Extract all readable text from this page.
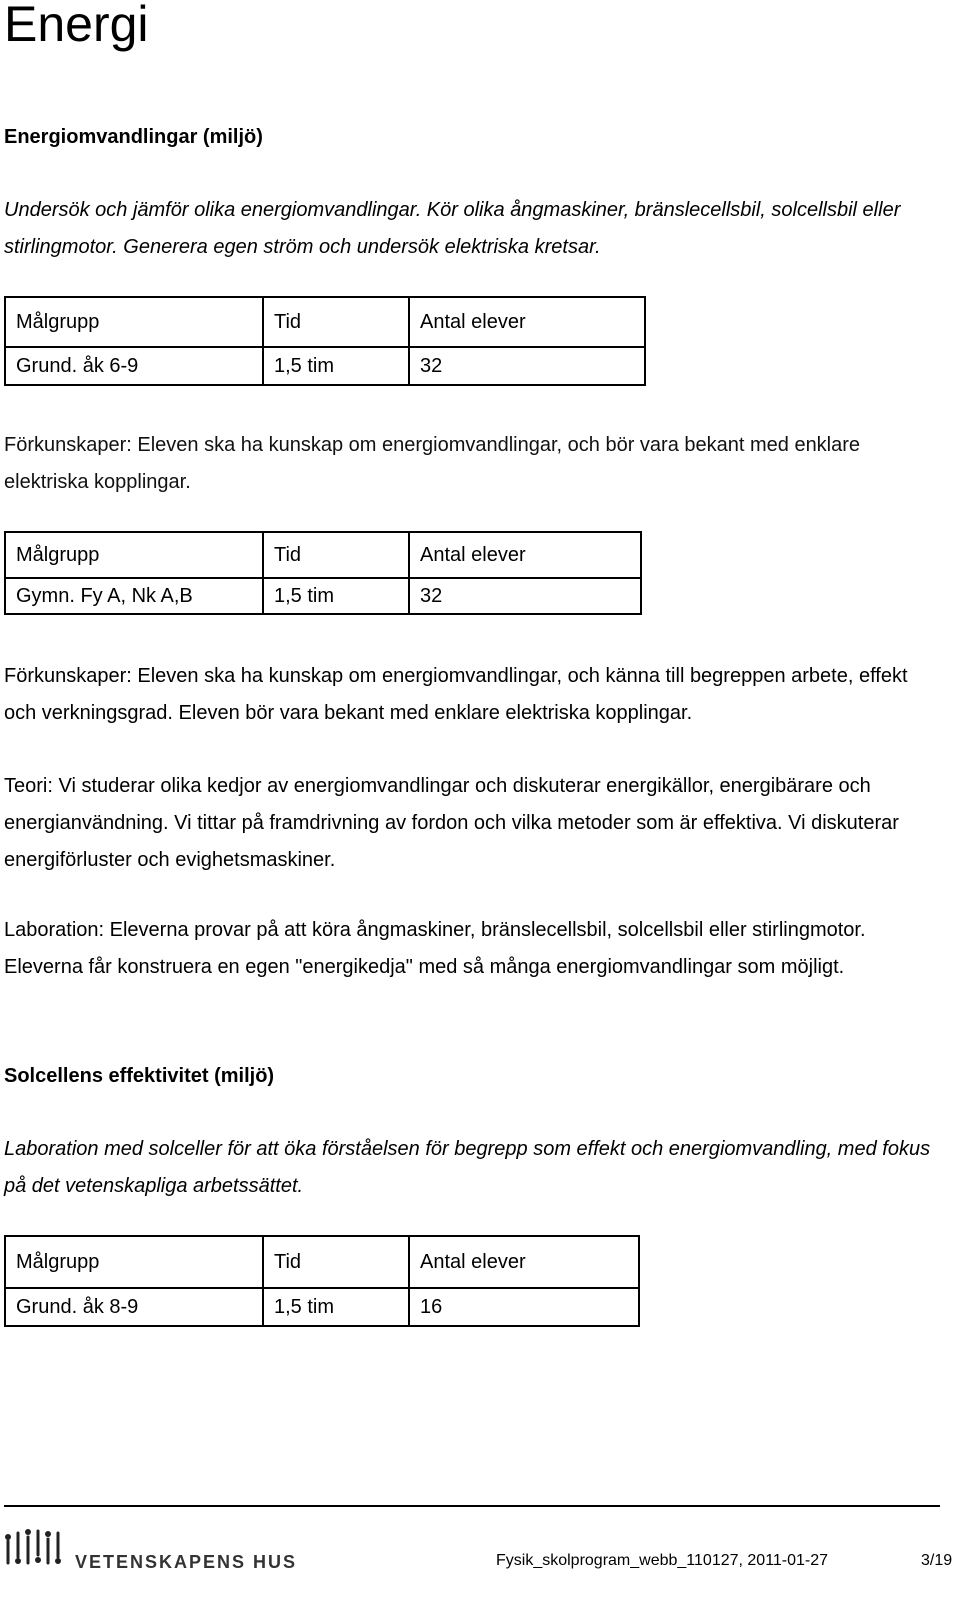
Energi
Energiomvandlingar (miljö)
Undersök och jämför olika energiomvandlingar. Kör olika ångmaskiner, bränslecellsbil, solcellsbil eller stirlingmotor. Generera egen ström och undersök elektriska kretsar.
Målgrupp	Tid	Antal elever
Grund. åk 6-9	1,5 tim	32
Förkunskaper: Eleven ska ha kunskap om energiomvandlingar, och bör vara bekant med enklare elektriska kopplingar.
Målgrupp	Tid	Antal elever
Gymn. Fy A, Nk A,B	1,5 tim	32
Förkunskaper: Eleven ska ha kunskap om energiomvandlingar, och känna till begreppen arbete, effekt och verkningsgrad. Eleven bör vara bekant med enklare elektriska kopplingar.
Teori: Vi studerar olika kedjor av energiomvandlingar och diskuterar energikällor, energibärare och energianvändning. Vi tittar på framdrivning av fordon och vilka metoder som är effektiva. Vi diskuterar energiförluster och evighetsmaskiner.
Laboration: Eleverna provar på att köra ångmaskiner, bränslecellsbil, solcellsbil eller stirlingmotor. Eleverna får konstruera en egen "energikedja" med så många energiomvandlingar som möjligt.
Solcellens effektivitet (miljö)
Laboration med solceller för att öka förståelsen för begrepp som effekt och energiomvandling, med fokus på det vetenskapliga arbetssättet.
Målgrupp	Tid	Antal elever
Grund. åk 8-9	1,5 tim	16
VETENSKAPENS HUS	Fysik_skolprogram_webb_110127, 2011-01-27	3/19
